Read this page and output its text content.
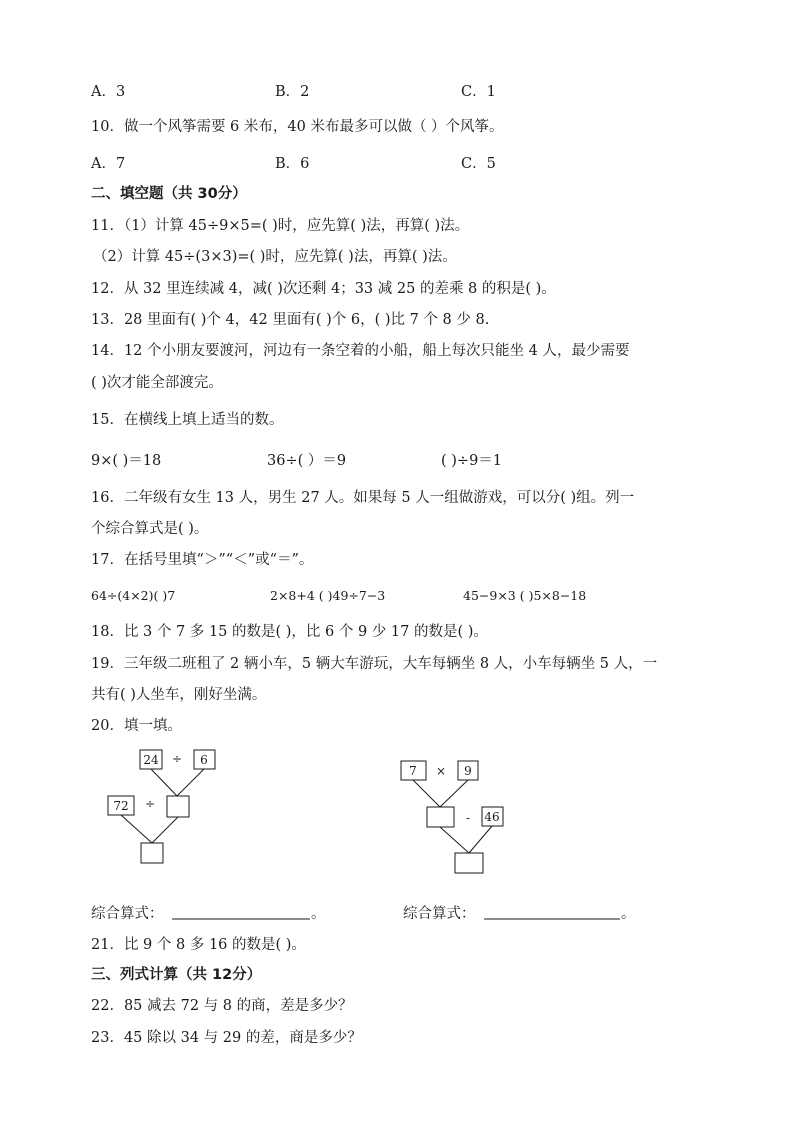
A．3	B．2	C．1
10．做一个风筝需要 6 米布，40 米布最多可以做（ ）个风筝。
A．7	B．6	C．5
二、填空题（共 30分）
11．（1）计算 45÷9×5=( )时，应先算( )法，再算( )法。
（2）计算 45÷(3×3)=( )时，应先算( )法，再算( )法。
12．从 32 里连续减 4，减( )次还剩 4；33 减 25 的差乘 8 的积是( )。
13．28 里面有( )个 4，42 里面有( )个 6，( )比 7 个 8 少 8.
14．12 个小朋友要渡河，河边有一条空着的小船，船上每次只能坐 4 人，最少需要
( )次才能全部渡完。
15．在横线上填上适当的数。
9×( )＝18	36÷( ）＝9	( )÷9＝1
16．二年级有女生 13 人，男生 27 人。如果每 5 人一组做游戏，可以分( )组。列一
个综合算式是( )。
17．在括号里填“＞”“＜”或“＝”。
64÷(4×2)( )7	2×8+4 ( )49÷7−3	45−9×3 ( )5×8−18
18．比 3 个 7 多 15 的数是( )，比 6 个 9 少 17 的数是( )。
19．三年级二班租了 2 辆小车，5 辆大车游玩，大车每辆坐 8 人，小车每辆坐 5 人，一
共有( )人坐车，刚好坐满。
20．填一填。
24 ÷ 6
72 ÷
7 × 9
- 46
综合算式：	。	综合算式：	。
21．比 9 个 8 多 16 的数是( )。
三、列式计算（共 12分）
22．85 减去 72 与 8 的商，差是多少？
23．45 除以 34 与 29 的差，商是多少？
